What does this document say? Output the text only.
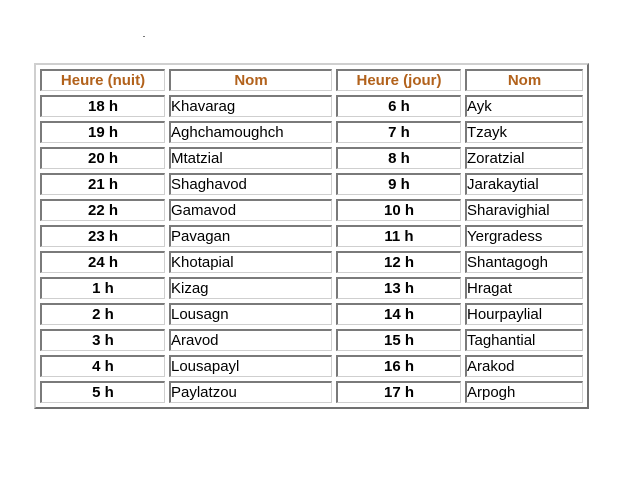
Heure (nuit)	Nom	Heure (jour)	Nom
18 h	Khavarag	6 h	Ayk
19 h	Aghchamoughch	7 h	Tzayk
20 h	Mtatzial	8 h	Zoratzial
21 h	Shaghavod	9 h	Jarakaytial
22 h	Gamavod	10 h	Sharavighial
23 h	Pavagan	11 h	Yergradess
24 h	Khotapial	12 h	Shantagogh
1 h	Kizag	13 h	Hragat
2 h	Lousagn	14 h	Hourpaylial
3 h	Aravod	15 h	Taghantial
4 h	Lousapayl	16 h	Arakod
5 h	Paylatzou	17 h	Arpogh
